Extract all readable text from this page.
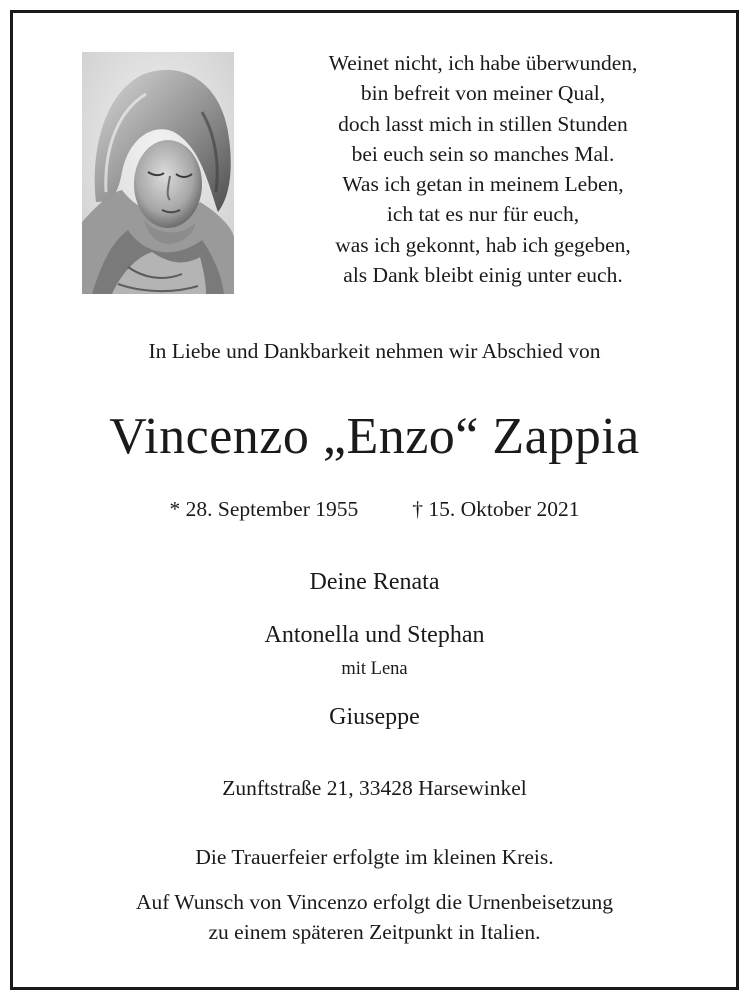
Weinet nicht, ich habe überwunden,
bin befreit von meiner Qual,
doch lasst mich in stillen Stunden
bei euch sein so manches Mal.
Was ich getan in meinem Leben,
ich tat es nur für euch,
was ich gekonnt, hab ich gegeben,
als Dank bleibt einig unter euch.

In Liebe und Dankbarkeit nehmen wir Abschied von

Vincenzo „Enzo“ Zappia

* 28. September 1955	† 15. Oktober 2021

Deine Renata

Antonella und Stephan

mit Lena

Giuseppe

Zunftstraße 21, 33428 Harsewinkel

Die Trauerfeier erfolgte im kleinen Kreis.

Auf Wunsch von Vincenzo erfolgt die Urnenbeisetzung

zu einem späteren Zeitpunkt in Italien.
